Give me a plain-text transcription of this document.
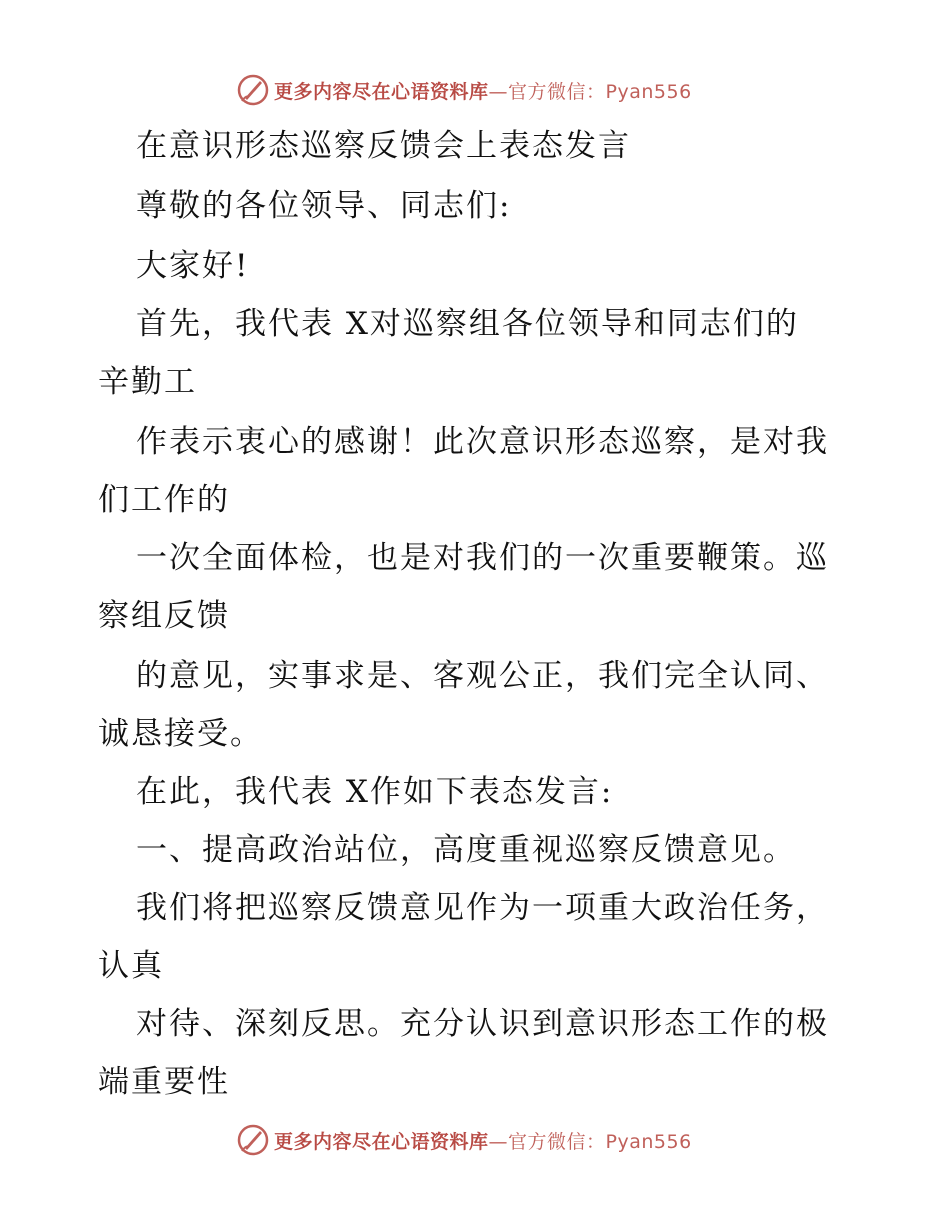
更多内容尽在心语资料库—官方微信：Pyan556
在意识形态巡察反馈会上表态发言
尊敬的各位领导、同志们:
大家好!
首先，我代表 X对巡察组各位领导和同志们的
辛勤工
作表示衷心的感谢！此次意识形态巡察，是对我
们工作的
一次全面体检，也是对我们的一次重要鞭策。巡
察组反馈
的意见，实事求是、客观公正，我们完全认同、
诚恳接受。
在此，我代表 X作如下表态发言:
一、提高政治站位，高度重视巡察反馈意见。
我们将把巡察反馈意见作为一项重大政治任务，
认真
对待、深刻反思。充分认识到意识形态工作的极
端重要性
更多内容尽在心语资料库—官方微信：Pyan556
